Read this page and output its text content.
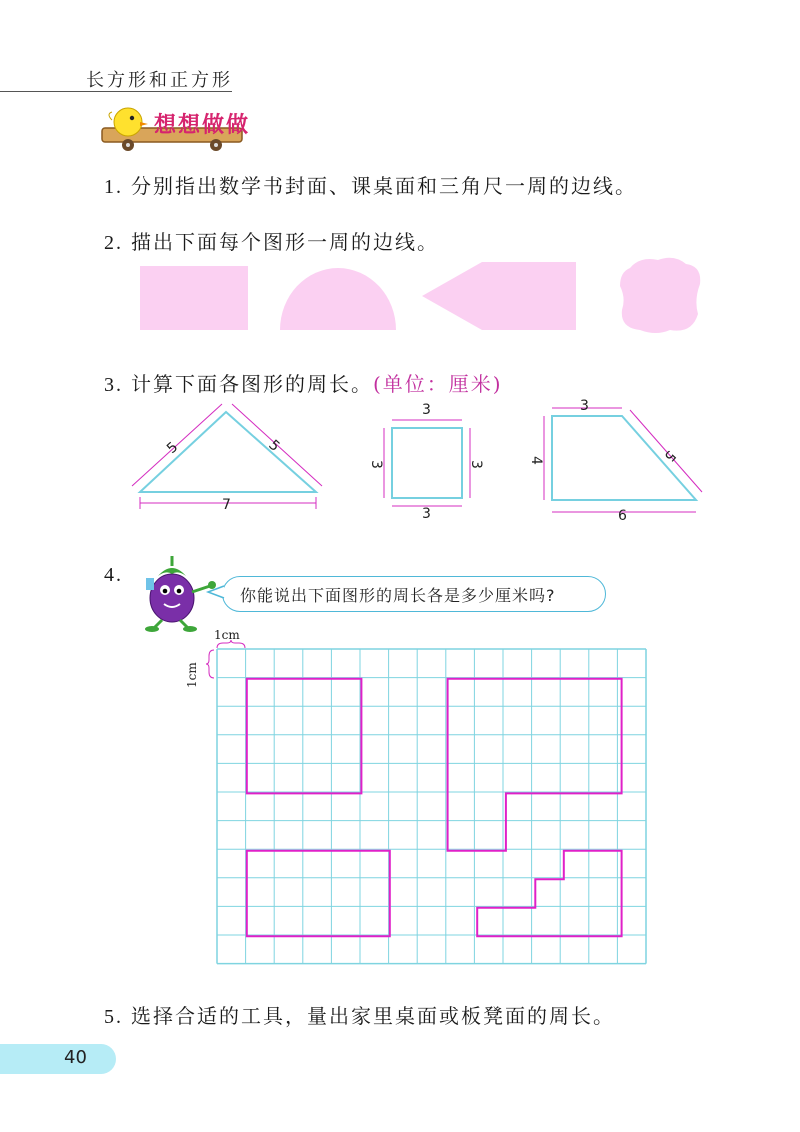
长方形和正方形
想想做做
1. 分别指出数学书封面、课桌面和三角尺一周的边线。
2. 描出下面每个图形一周的边线。
3. 计算下面各图形的周长。(单位：厘米)
5	5
7
3
3
3	3
3
4	5
6
4.
你能说出下面图形的周长各是多少厘米吗?
1cm
1cm
5. 选择合适的工具，量出家里桌面或板凳面的周长。
40
